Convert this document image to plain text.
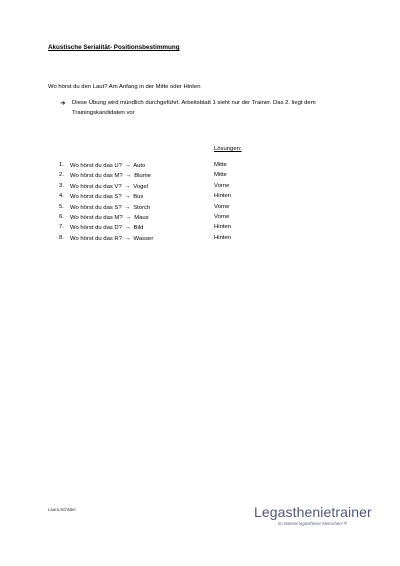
Akustische Serialität- Positionsbestimmung
Wo hörst du den Laut? Am Anfang in der Mitte oder Hinten
➔	Diese Übung wird mündlich durchgeführt. Arbeitsblatt 1 sieht nur der Trainer. Das 2. liegt dem Trainingskandidaten vor
Lösungen:
1. Wo hörst du das U? → Auto	Mitte
2. Wo hörst du das M? → Blume	Mitte
3. Wo hörst du das V? → Vogel	Vorne
4. Wo hörst du das S? → Bus	Hinten
5. Wo hörst du das S? → Storch	Vorne
6. Wo hörst du das M? → Maus	Vorne
7. Wo hörst du das D? → Bild	Hinten
8. Wo hörst du das R? → Wasser	Hinten
Laura Schlüter	Legasthenietrainer
Im Dienste legasthener Menschen! ®
